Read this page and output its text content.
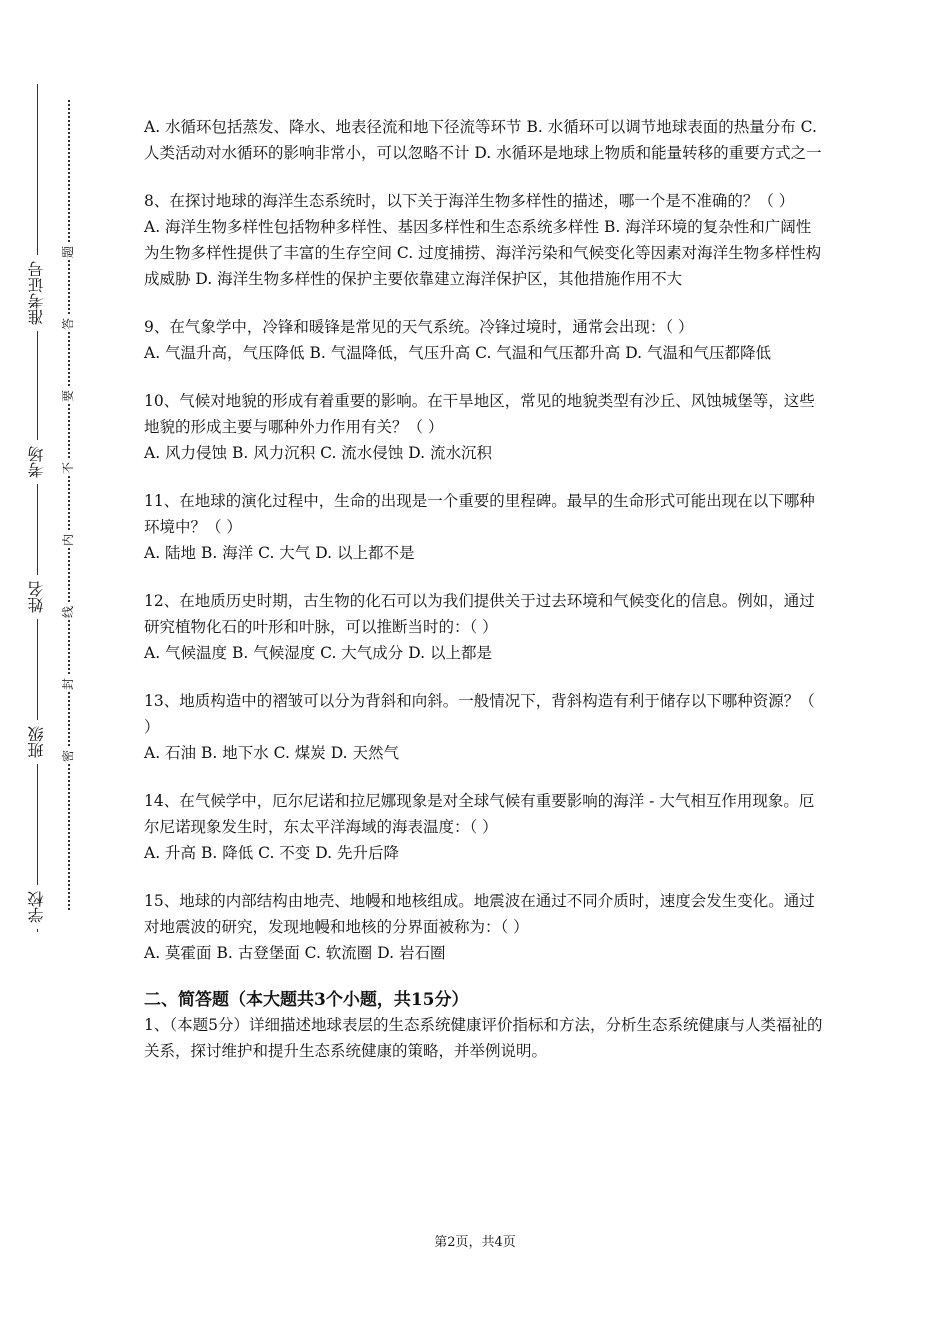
准考证号
考场
姓名
班级
学校
题
答
要
不
内
线
封
密

A. 水循环包括蒸发、降水、地表径流和地下径流等环节 B. 水循环可以调节地球表面的热量分布 C. 人类活动对水循环的影响非常小，可以忽略不计 D. 水循环是地球上物质和能量转移的重要方式之一

8、在探讨地球的海洋生态系统时，以下关于海洋生物多样性的描述，哪一个是不准确的？（ ）

A. 海洋生物多样性包括物种多样性、基因多样性和生态系统多样性 B. 海洋环境的复杂性和广阔性为生物多样性提供了丰富的生存空间 C. 过度捕捞、海洋污染和气候变化等因素对海洋生物多样性构成威胁 D. 海洋生物多样性的保护主要依靠建立海洋保护区，其他措施作用不大

9、在气象学中，冷锋和暖锋是常见的天气系统。冷锋过境时，通常会出现：（ ）

A. 气温升高，气压降低 B. 气温降低，气压升高 C. 气温和气压都升高 D. 气温和气压都降低

10、气候对地貌的形成有着重要的影响。在干旱地区，常见的地貌类型有沙丘、风蚀城堡等，这些地貌的形成主要与哪种外力作用有关？（ ）

A. 风力侵蚀 B. 风力沉积 C. 流水侵蚀 D. 流水沉积

11、在地球的演化过程中，生命的出现是一个重要的里程碑。最早的生命形式可能出现在以下哪种环境中？（ ）

A. 陆地 B. 海洋 C. 大气 D. 以上都不是

12、在地质历史时期，古生物的化石可以为我们提供关于过去环境和气候变化的信息。例如，通过研究植物化石的叶形和叶脉，可以推断当时的：（ ）

A. 气候温度 B. 气候湿度 C. 大气成分 D. 以上都是

13、地质构造中的褶皱可以分为背斜和向斜。一般情况下，背斜构造有利于储存以下哪种资源？（ ）

A. 石油 B. 地下水 C. 煤炭 D. 天然气

14、在气候学中，厄尔尼诺和拉尼娜现象是对全球气候有重要影响的海洋 - 大气相互作用现象。厄尔尼诺现象发生时，东太平洋海域的海表温度：（ ）

A. 升高 B. 降低 C. 不变 D. 先升后降

15、地球的内部结构由地壳、地幔和地核组成。地震波在通过不同介质时，速度会发生变化。通过对地震波的研究，发现地幔和地核的分界面被称为：（ ）

A. 莫霍面 B. 古登堡面 C. 软流圈 D. 岩石圈

二、简答题（本大题共3个小题，共15分）

1、（本题5分）详细描述地球表层的生态系统健康评价指标和方法，分析生态系统健康与人类福祉的关系，探讨维护和提升生态系统健康的策略，并举例说明。

第2页，共4页
